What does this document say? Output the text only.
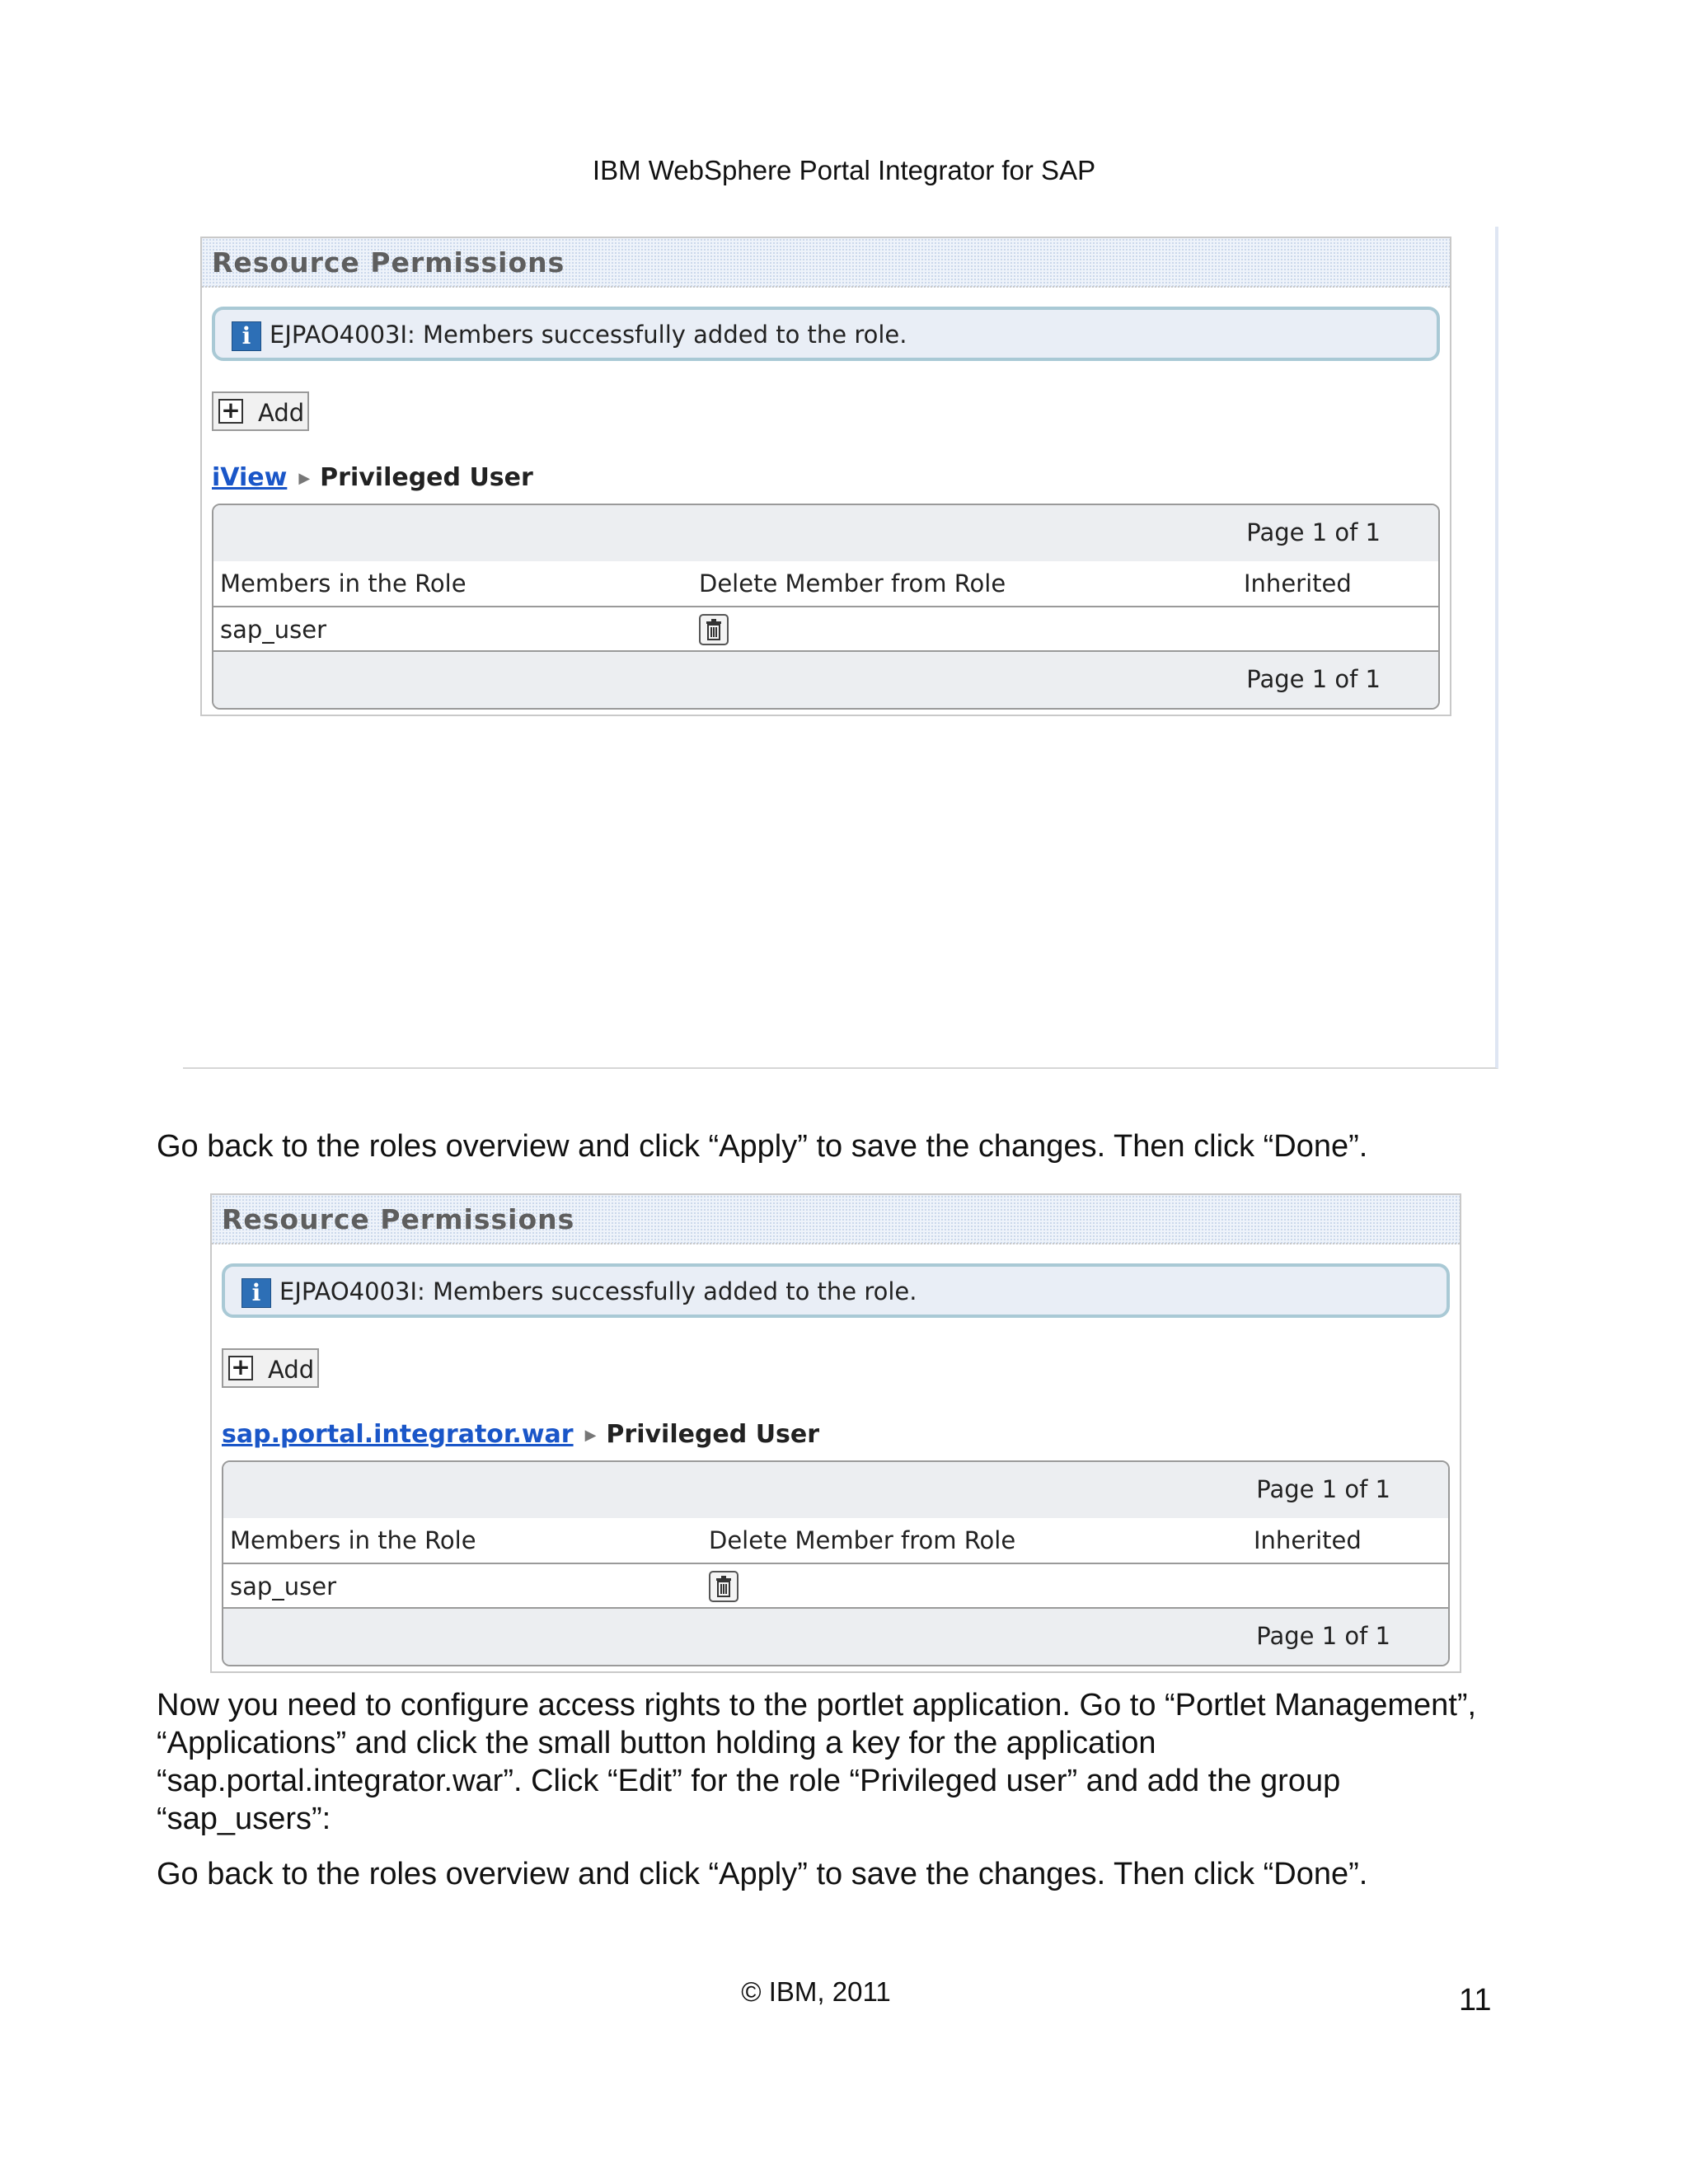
IBM WebSphere Portal Integrator for SAP
Resource Permissions
i EJPAO4003I: Members successfully added to the role.
+ Add
iView ▶ Privileged User
Page 1 of 1
Members in the Role	Delete Member from Role	Inherited
sap_user
Page 1 of 1
Go back to the roles overview and click “Apply” to save the changes. Then click “Done”.
Resource Permissions
i EJPAO4003I: Members successfully added to the role.
+ Add
sap.portal.integrator.war ▶ Privileged User
Page 1 of 1
Members in the Role	Delete Member from Role	Inherited
sap_user
Page 1 of 1
Now you need to configure access rights to the portlet application. Go to “Portlet Management”, “Applications” and click the small button holding a key for the application “sap.portal.integrator.war”. Click “Edit” for the role “Privileged user” and add the group “sap_users”:
Go back to the roles overview and click “Apply” to save the changes. Then click “Done”.
© IBM, 2011	11
